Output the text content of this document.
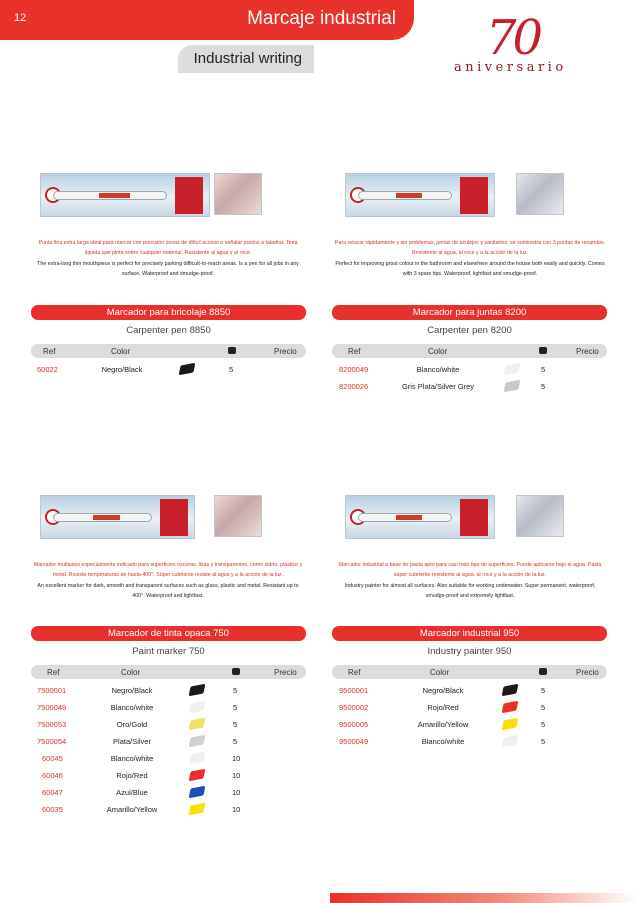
12	Marcaje industrial
Industrial writing	70
aniversario
Punta fina extra larga ideal para marcar con precisión zonas de difícil acceso o señalar puntos a taladrar. Tinta líquida que pinta sobre cualquier material. Resistente al agua y al roce.
The extra-long thin mouthpiece is perfect for precisely parking difficult-to-reach areas. Is a pen for all jobs in any surface. Waterproof and smudge-proof.
Marcador para bricolaje 8850
Carpenter pen 8850
Ref	Color	Precio
60022	Negro/Black	5
Para retocar rápidamente y sin problemas, juntas de azulejos y sanitarios: se suministra con 3 puntas de recambio. Resistente al agua, al roce y a la acción de la luz.
Perfect for improving grout colour in the bathroom and elsewhere around the house both easily and quickly. Comes with 3 spare tips. Waterproof, lightfast and smudge-proof.
Marcador para juntas 8200
Carpenter pen 8200
Ref	Color	Precio
8200049	Blanco/white	5
8200026	Gris Plata/Silver Grey	5
Marcador multiusos especialmente indicado para superficies oscuras, lisas y transparentes, como vidrio, plástico y metal. Resiste temperaturas de hasta 400°. Súper cubriente resiste al agua y a la acción de la luz.
An excellent marker for dark, smooth and transparent surfaces such as glass, plastic and metal. Resistant up to 400°. Waterproof and lightfast.
Marcador de tinta opaca 750
Paint marker 750
Ref	Color	Precio
7500001	Negro/Black	5
7500049	Blanco/white	5
7500053	Oro/Gold	5
7500054	Plata/Silver	5
60045	Blanco/white	10
60046	Rojo/Red	10
60047	Azul/Blue	10
60035	Amarillo/Yellow	10
Marcador industrial a base de pasta apto para casi todo tipo de superficies. Puede aplicarse bajo el agua. Pasta súper cubriente resistente al agua, al roce y a la acción de la luz.
Industry painter for almost all surfaces. Also suitable for working underwater. Super permanent, waterproof, smudge-proof and extremely lightfast.
Marcador industrial 950
Industry painter 950
Ref	Color	Precio
9500001	Negro/Black	5
9500002	Rojo/Red	5
9500005	Amarillo/Yellow	5
9500049	Blanco/white	5
